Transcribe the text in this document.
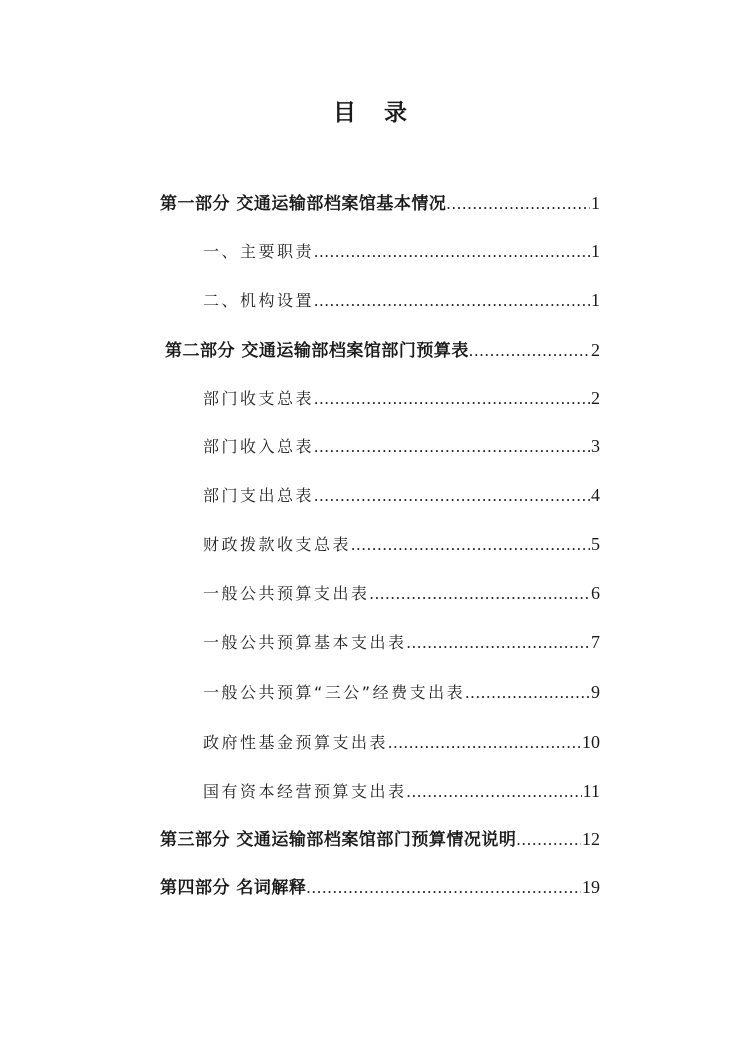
目 录
第一部分 交通运输部档案馆基本情况 .....	1
一、主要职责 .....	1
二、机构设置 .....	1
第二部分 交通运输部档案馆部门预算表 .....	2
部门收支总表 .....	2
部门收入总表 .....	3
部门支出总表 .....	4
财政拨款收支总表 .....	5
一般公共预算支出表 .....	6
一般公共预算基本支出表 .....	7
一般公共预算“三公”经费支出表 .....	9
政府性基金预算支出表 .....	10
国有资本经营预算支出表 .....	11
第三部分 交通运输部档案馆部门预算情况说明 .....	12
第四部分 名词解释 .....	19
